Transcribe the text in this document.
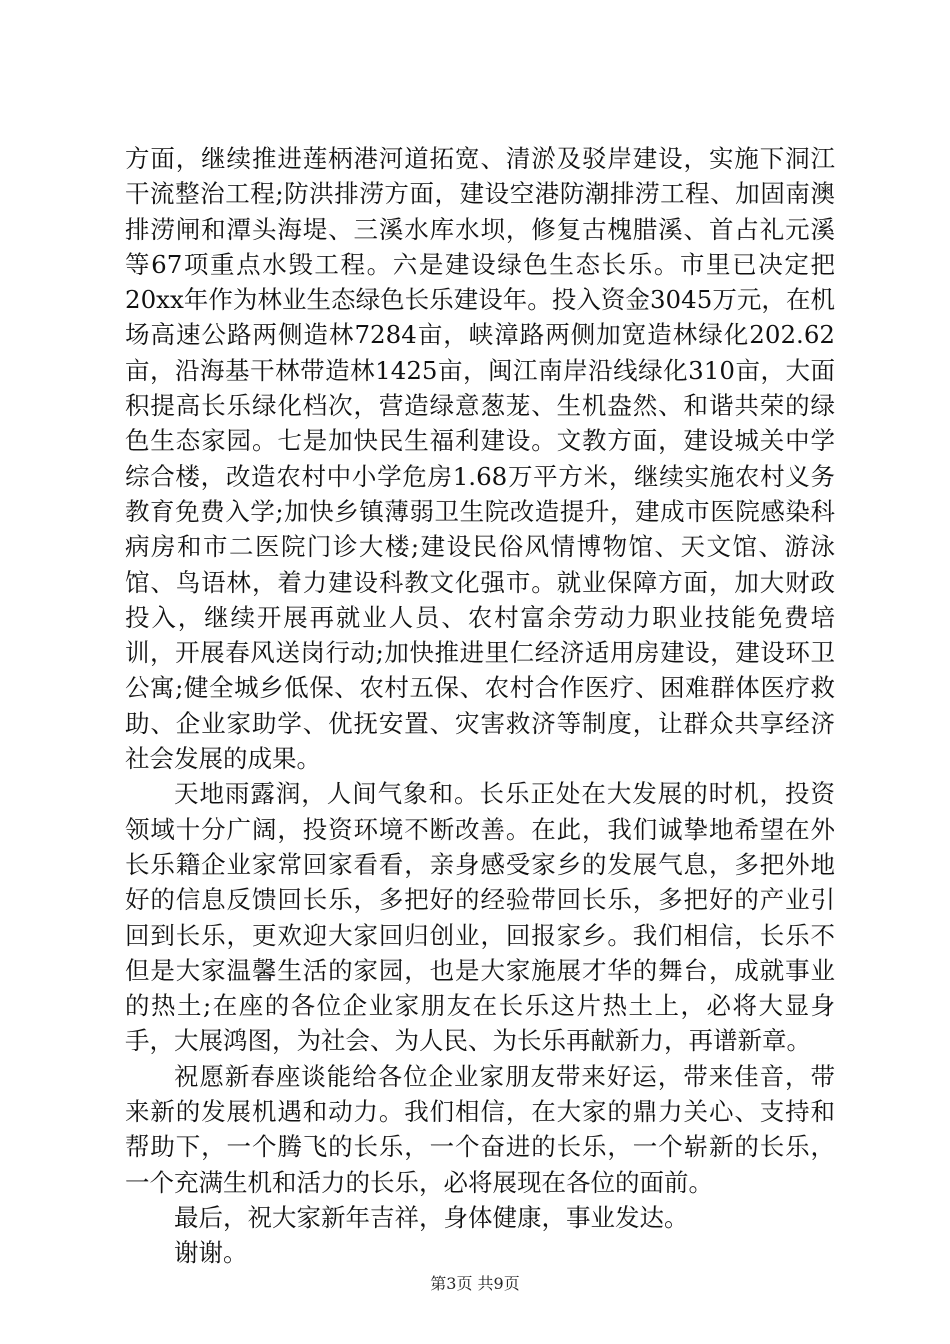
方面，继续推进莲柄港河道拓宽、清淤及驳岸建设，实施下洞江干流整治工程;防洪排涝方面，建设空港防潮排涝工程、加固南澳排涝闸和潭头海堤、三溪水库水坝，修复古槐腊溪、首占礼元溪等67项重点水毁工程。六是建设绿色生态长乐。市里已决定把20xx年作为林业生态绿色长乐建设年。投入资金3045万元，在机场高速公路两侧造林7284亩，峡漳路两侧加宽造林绿化202.62亩，沿海基干林带造林1425亩，闽江南岸沿线绿化310亩，大面积提高长乐绿化档次，营造绿意葱茏、生机盎然、和谐共荣的绿色生态家园。七是加快民生福利建设。文教方面，建设城关中学综合楼，改造农村中小学危房1.68万平方米，继续实施农村义务教育免费入学;加快乡镇薄弱卫生院改造提升，建成市医院感染科病房和市二医院门诊大楼;建设民俗风情博物馆、天文馆、游泳馆、鸟语林，着力建设科教文化强市。就业保障方面，加大财政投入，继续开展再就业人员、农村富余劳动力职业技能免费培训，开展春风送岗行动;加快推进里仁经济适用房建设，建设环卫公寓;健全城乡低保、农村五保、农村合作医疗、困难群体医疗救助、企业家助学、优抚安置、灾害救济等制度，让群众共享经济社会发展的成果。

天地雨露润，人间气象和。长乐正处在大发展的时机，投资领域十分广阔，投资环境不断改善。在此，我们诚挚地希望在外长乐籍企业家常回家看看，亲身感受家乡的发展气息，多把外地好的信息反馈回长乐，多把好的经验带回长乐，多把好的产业引回到长乐，更欢迎大家回归创业，回报家乡。我们相信，长乐不但是大家温馨生活的家园，也是大家施展才华的舞台，成就事业的热土;在座的各位企业家朋友在长乐这片热土上，必将大显身手，大展鸿图，为社会、为人民、为长乐再献新力，再谱新章。

祝愿新春座谈能给各位企业家朋友带来好运，带来佳音，带来新的发展机遇和动力。我们相信，在大家的鼎力关心、支持和帮助下，一个腾飞的长乐，一个奋进的长乐，一个崭新的长乐，一个充满生机和活力的长乐，必将展现在各位的面前。

最后，祝大家新年吉祥，身体健康，事业发达。

谢谢。

第3页 共9页
